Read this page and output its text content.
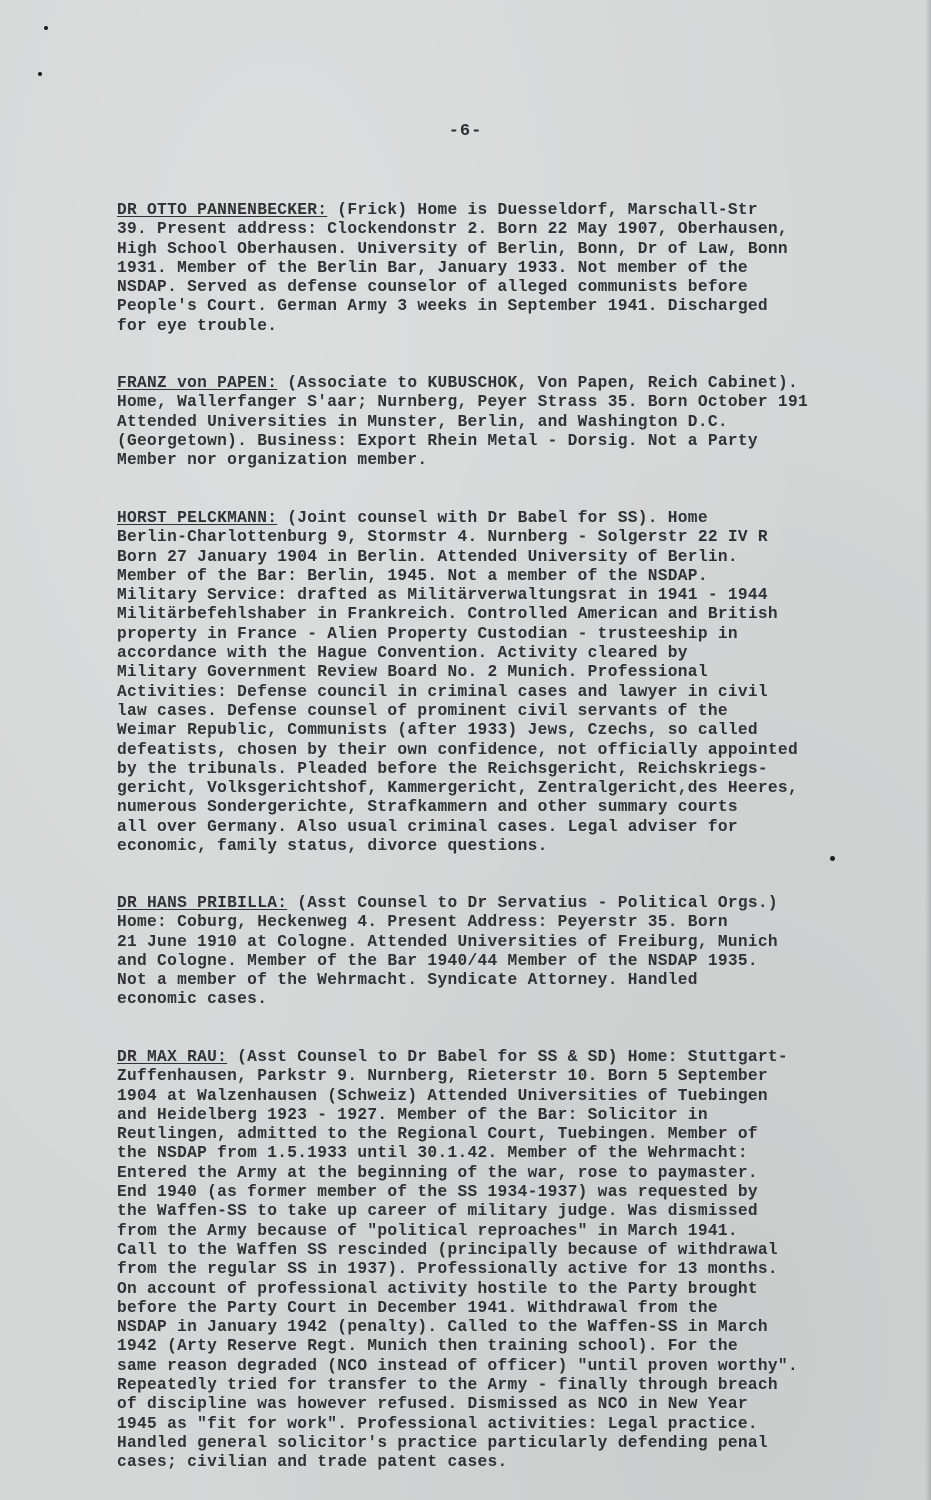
-6-
DR OTTO PANNENBECKER: (Frick) Home is Duesseldorf, Marschall-Str
39. Present address: Clockendonstr 2. Born 22 May 1907, Oberhausen,
High School Oberhausen. University of Berlin, Bonn, Dr of Law, Bonn
1931. Member of the Berlin Bar, January 1933. Not member of the
NSDAP. Served as defense counselor of alleged communists before
People's Court. German Army 3 weeks in September 1941. Discharged
for eye trouble.
FRANZ von PAPEN: (Associate to KUBUSCHOK, Von Papen, Reich Cabinet).
Home, Wallerfanger S'aar; Nurnberg, Peyer Strass 35. Born October 191
Attended Universities in Munster, Berlin, and Washington D.C.
(Georgetown). Business: Export Rhein Metal - Dorsig. Not a Party
Member nor organization member.
HORST PELCKMANN: (Joint counsel with Dr Babel for SS). Home
Berlin-Charlottenburg 9, Stormstr 4. Nurnberg - Solgerstr 22 IV R
Born 27 January 1904 in Berlin. Attended University of Berlin.
Member of the Bar: Berlin, 1945. Not a member of the NSDAP.
Military Service: drafted as Militärverwaltungsrat in 1941 - 1944
Militärbefehlshaber in Frankreich. Controlled American and British
property in France - Alien Property Custodian - trusteeship in
accordance with the Hague Convention. Activity cleared by
Military Government Review Board No. 2 Munich. Professional
Activities: Defense council in criminal cases and lawyer in civil
law cases. Defense counsel of prominent civil servants of the
Weimar Republic, Communists (after 1933) Jews, Czechs, so called
defeatists, chosen by their own confidence, not officially appointed
by the tribunals. Pleaded before the Reichsgericht, Reichskriegs-
gericht, Volksgerichtshof, Kammergericht, Zentralgericht,des Heeres,
numerous Sondergerichte, Strafkammern and other summary courts
all over Germany. Also usual criminal cases. Legal adviser for
economic, family status, divorce questions.
DR HANS PRIBILLA: (Asst Counsel to Dr Servatius - Political Orgs.)
Home: Coburg, Heckenweg 4. Present Address: Peyerstr 35. Born
21 June 1910 at Cologne. Attended Universities of Freiburg, Munich
and Cologne. Member of the Bar 1940/44 Member of the NSDAP 1935.
Not a member of the Wehrmacht. Syndicate Attorney. Handled
economic cases.
DR MAX RAU: (Asst Counsel to Dr Babel for SS & SD) Home: Stuttgart-
Zuffenhausen, Parkstr 9. Nurnberg, Rieterstr 10. Born 5 September
1904 at Walzenhausen (Schweiz) Attended Universities of Tuebingen
and Heidelberg 1923 - 1927. Member of the Bar: Solicitor in
Reutlingen, admitted to the Regional Court, Tuebingen. Member of
the NSDAP from 1.5.1933 until 30.1.42. Member of the Wehrmacht:
Entered the Army at the beginning of the war, rose to paymaster.
End 1940 (as former member of the SS 1934-1937) was requested by
the Waffen-SS to take up career of military judge. Was dismissed
from the Army because of "political reproaches" in March 1941.
Call to the Waffen SS rescinded (principally because of withdrawal
from the regular SS in 1937). Professionally active for 13 months.
On account of professional activity hostile to the Party brought
before the Party Court in December 1941. Withdrawal from the
NSDAP in January 1942 (penalty). Called to the Waffen-SS in March
1942 (Arty Reserve Regt. Munich then training school). For the
same reason degraded (NCO instead of officer) "until proven worthy".
Repeatedly tried for transfer to the Army - finally through breach
of discipline was however refused. Dismissed as NCO in New Year
1945 as "fit for work". Professional activities: Legal practice.
Handled general solicitor's practice particularly defending penal
cases; civilian and trade patent cases.
